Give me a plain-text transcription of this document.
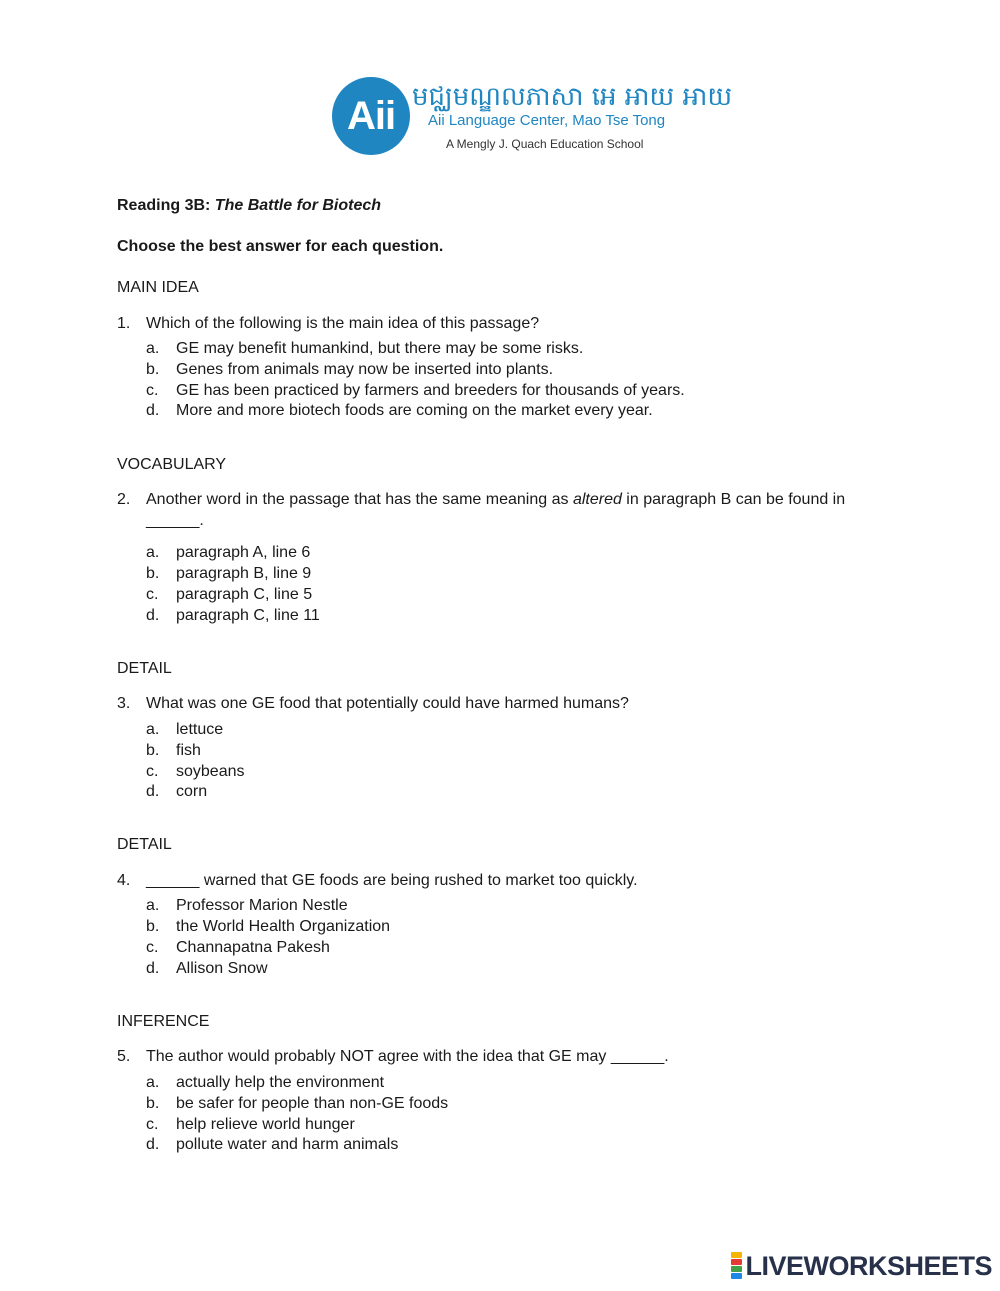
Aii មជ្ឈមណ្ឌលភាសា អេ អាយ អាយ
Aii Language Center, Mao Tse Tong
A Mengly J. Quach Education School
Reading 3B: The Battle for Biotech
Choose the best answer for each question.
MAIN IDEA
1. Which of the following is the main idea of this passage?
a. GE may benefit humankind, but there may be some risks.
b. Genes from animals may now be inserted into plants.
c. GE has been practiced by farmers and breeders for thousands of years.
d. More and more biotech foods are coming on the market every year.
VOCABULARY
2. Another word in the passage that has the same meaning as altered in paragraph B can be found in ______.
a. paragraph A, line 6
b. paragraph B, line 9
c. paragraph C, line 5
d. paragraph C, line 11
DETAIL
3. What was one GE food that potentially could have harmed humans?
a. lettuce
b. fish
c. soybeans
d. corn
DETAIL
4. ______ warned that GE foods are being rushed to market too quickly.
a. Professor Marion Nestle
b. the World Health Organization
c. Channapatna Pakesh
d. Allison Snow
INFERENCE
5. The author would probably NOT agree with the idea that GE may ______.
a. actually help the environment
b. be safer for people than non-GE foods
c. help relieve world hunger
d. pollute water and harm animals
LIVEWORKSHEETS
